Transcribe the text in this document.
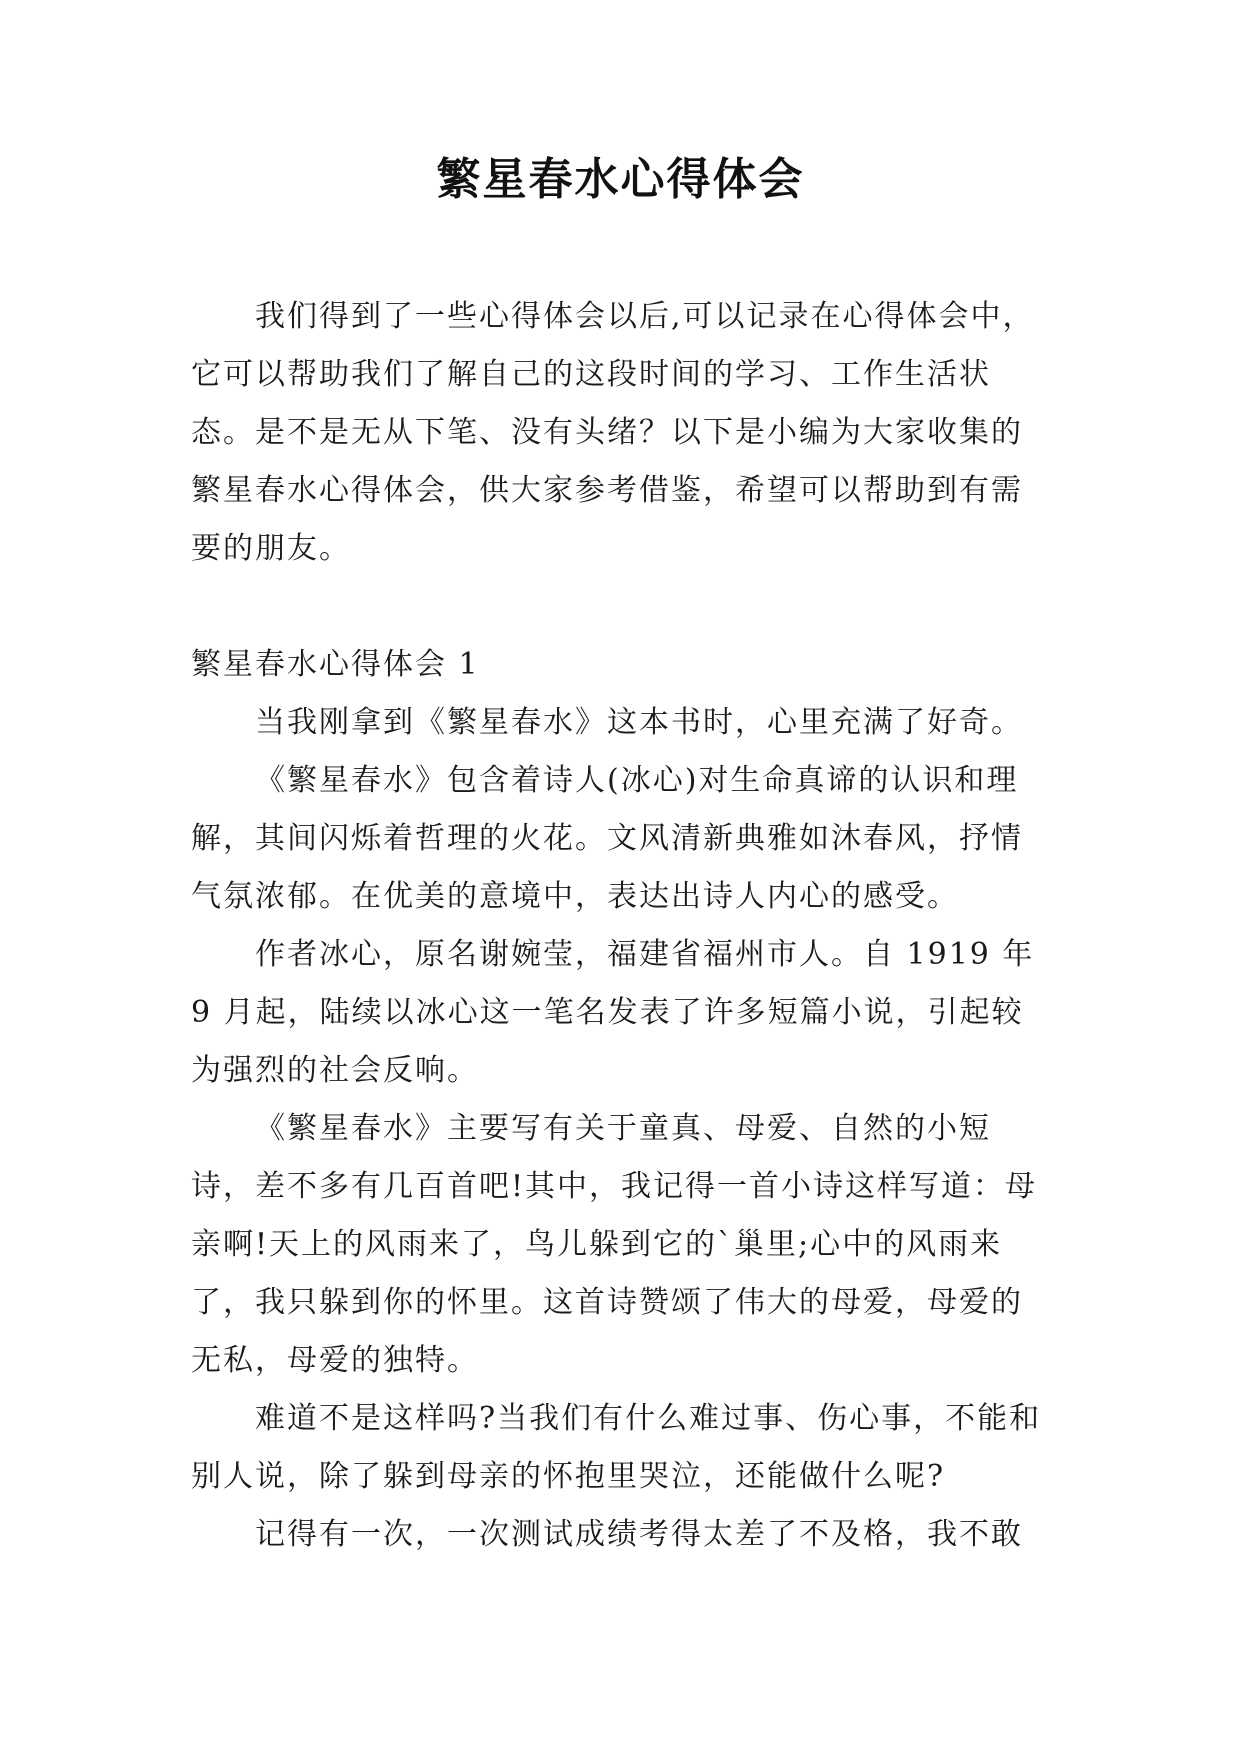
繁星春水心得体会

我们得到了一些心得体会以后,可以记录在心得体会中，它可以帮助我们了解自己的这段时间的学习、工作生活状态。是不是无从下笔、没有头绪？以下是小编为大家收集的繁星春水心得体会，供大家参考借鉴，希望可以帮助到有需要的朋友。

繁星春水心得体会 1

当我刚拿到《繁星春水》这本书时，心里充满了好奇。

《繁星春水》包含着诗人(冰心)对生命真谛的认识和理解，其间闪烁着哲理的火花。文风清新典雅如沐春风，抒情气氛浓郁。在优美的意境中，表达出诗人内心的感受。

作者冰心，原名谢婉莹，福建省福州市人。自 1919 年 9 月起，陆续以冰心这一笔名发表了许多短篇小说，引起较为强烈的社会反响。

《繁星春水》主要写有关于童真、母爱、自然的小短诗，差不多有几百首吧!其中，我记得一首小诗这样写道：母亲啊!天上的风雨来了，鸟儿躲到它的`巢里;心中的风雨来了，我只躲到你的怀里。这首诗赞颂了伟大的母爱，母爱的无私，母爱的独特。

难道不是这样吗?当我们有什么难过事、伤心事，不能和别人说，除了躲到母亲的怀抱里哭泣，还能做什么呢?

记得有一次，一次测试成绩考得太差了不及格，我不敢
